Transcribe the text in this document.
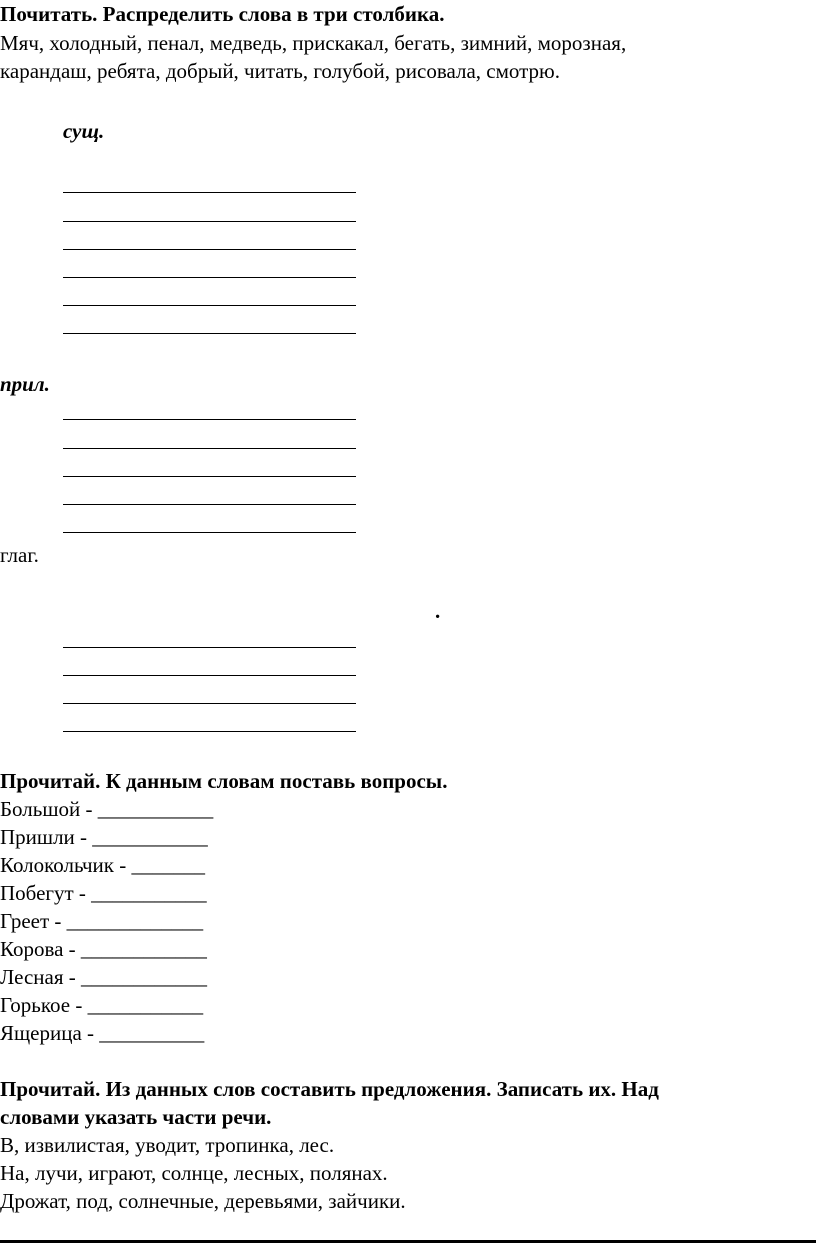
Почитать. Распределить слова в три столбика.
Мяч, холодный, пенал, медведь, прискакал, бегать, зимний, морозная,
карандаш, ребята, добрый, читать, голубой, рисовала, смотрю.
сущ.
прил.
глаг.
.
Прочитай. К данным словам поставь вопросы.
Большой - ___________
Пришли - ___________
Колокольчик - _______
Побегут - ___________
Греет - _____________
Корова - ____________
Лесная - ____________
Горькое - ___________
Ящерица - __________
Прочитай. Из данных слов составить предложения. Записать их. Над
словами указать части речи.
В, извилистая, уводит, тропинка, лес.
На, лучи, играют, солнце, лесных, полянах.
Дрожат, под, солнечные, деревьями, зайчики.
